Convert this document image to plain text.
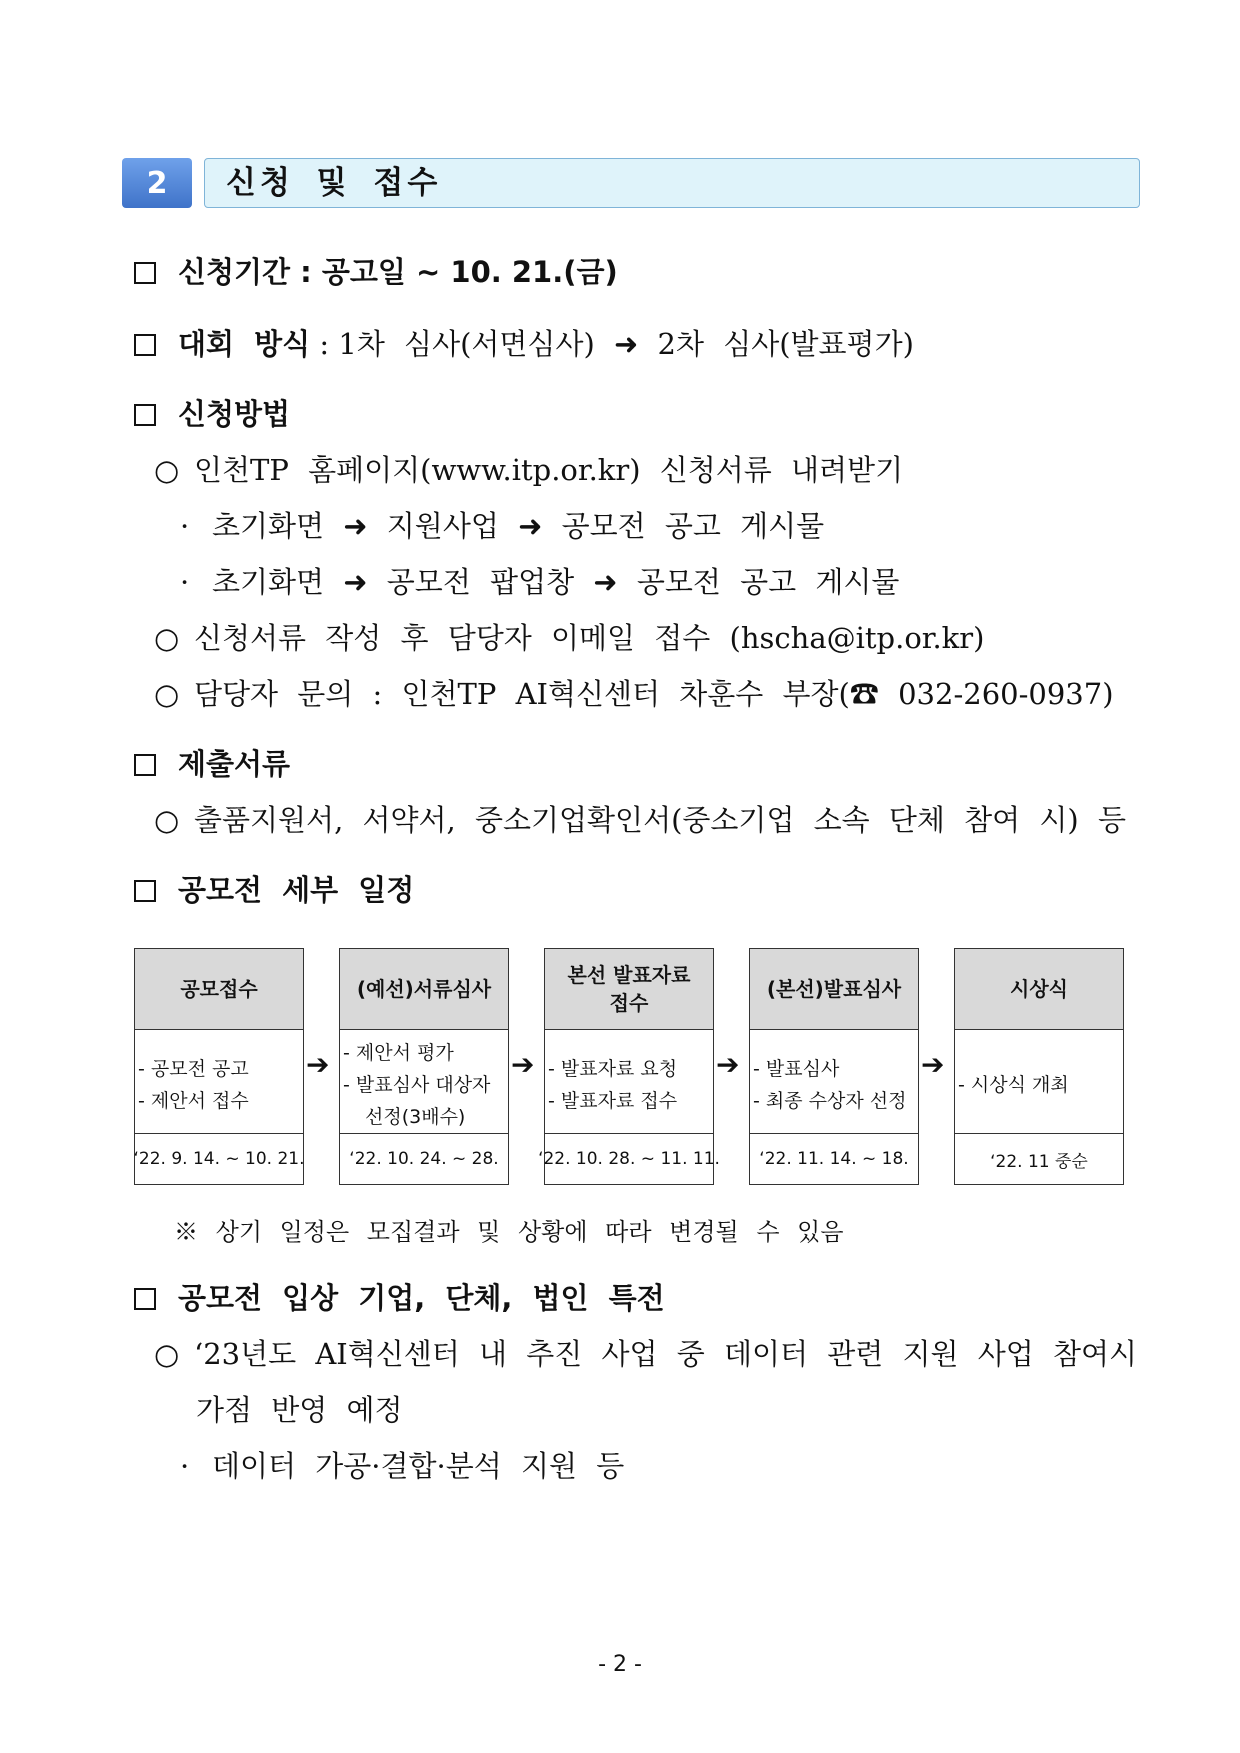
2	신청 및 접수
신청기간 : 공고일 ~ 10. 21.(금)
대회 방식 : 1차 심사(서면심사) ➜ 2차 심사(발표평가)
신청방법
○ 인천TP 홈페이지(www.itp.or.kr) 신청서류 내려받기
· 초기화면 ➜ 지원사업 ➜ 공모전 공고 게시물
· 초기화면 ➜ 공모전 팝업창 ➜ 공모전 공고 게시물
○ 신청서류 작성 후 담당자 이메일 접수 (hscha@itp.or.kr)
○ 담당자 문의 : 인천TP AI혁신센터 차훈수 부장(☎ 032-260-0937)
제출서류
○ 출품지원서, 서약서, 중소기업확인서(중소기업 소속 단체 참여 시) 등
공모전 세부 일정
공모접수
- 공모전 공고
- 제안서 접수
‘22. 9. 14. ~ 10. 21.
➔
(예선)서류심사
- 제안서 평가
- 발표심사 대상자
선정(3배수)
‘22. 10. 24. ~ 28.
➔
본선 발표자료 접수
- 발표자료 요청
- 발표자료 접수
‘22. 10. 28. ~ 11. 11.
➔
(본선)발표심사
- 발표심사
- 최종 수상자 선정
‘22. 11. 14. ~ 18.
➔
시상식
- 시상식 개최
‘22. 11 중순
※ 상기 일정은 모집결과 및 상황에 따라 변경될 수 있음
공모전 입상 기업, 단체, 법인 특전
○ ‘23년도 AI혁신센터 내 추진 사업 중 데이터 관련 지원 사업 참여시
가점 반영 예정
· 데이터 가공·결합·분석 지원 등
- 2 -
